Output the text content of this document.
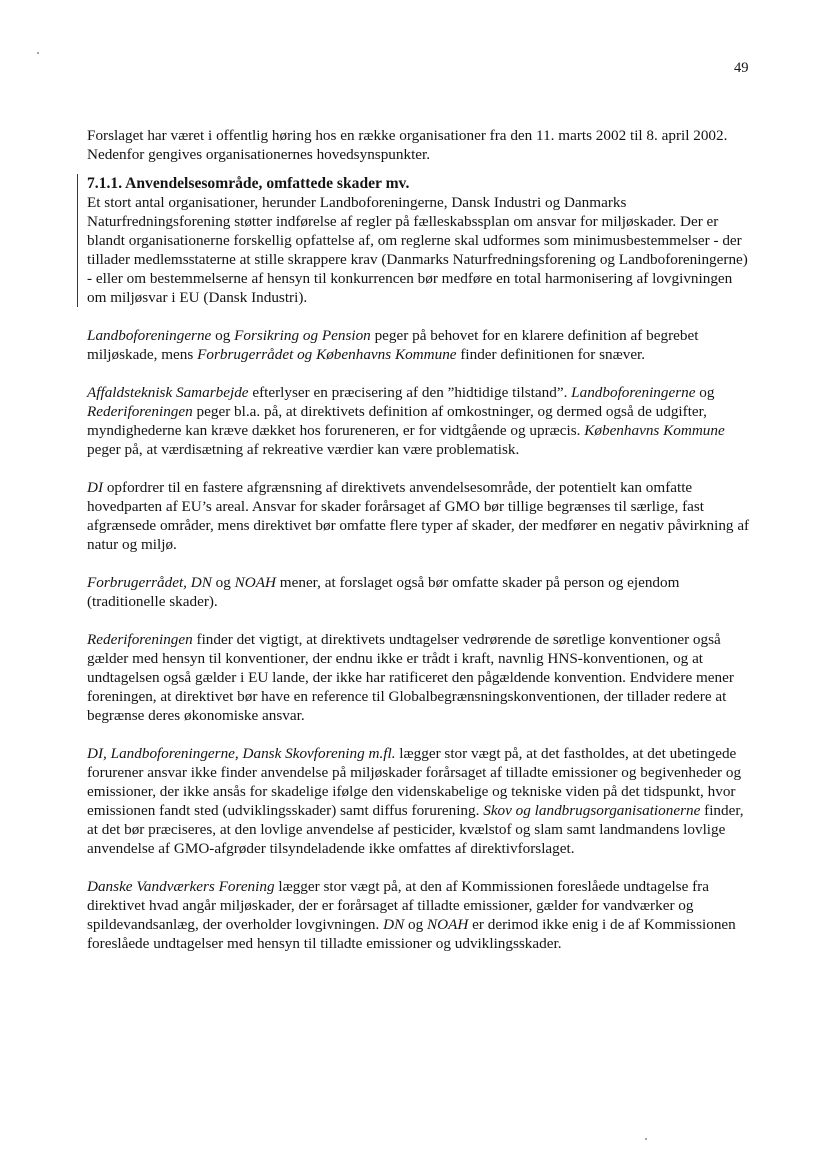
49

Forslaget har været i offentlig høring hos en række organisationer fra den 11. marts 2002 til 8. april 2002. Nedenfor gengives organisationernes hovedsynspunkter.

7.1.1. Anvendelsesområde, omfattede skader mv.

Et stort antal organisationer, herunder Landboforeningerne, Dansk Industri og Danmarks Naturfredningsforening støtter indførelse af regler på fælleskabssplan om ansvar for miljøskader. Der er blandt organisationerne forskellig opfattelse af, om reglerne skal udformes som minimusbestemmelser - der tillader medlemsstaterne at stille skrappere krav (Danmarks Naturfredningsforening og Landboforeningerne) - eller om bestemmelserne af hensyn til konkurrencen bør medføre en total harmonisering af lovgivningen om miljøsvar i EU (Dansk Industri).

Landboforeningerne og Forsikring og Pension peger på behovet for en klarere definition af begrebet miljøskade, mens Forbrugerrådet og Københavns Kommune finder definitionen for snæver.

Affaldsteknisk Samarbejde efterlyser en præcisering af den ”hidtidige tilstand”. Landboforeningerne og Rederiforeningen peger bl.a. på, at direktivets definition af omkostninger, og dermed også de udgifter, myndighederne kan kræve dækket hos forureneren, er for vidtgående og upræcis. Københavns Kommune peger på, at værdisætning af rekreative værdier kan være problematisk.

DI opfordrer til en fastere afgrænsning af direktivets anvendelsesområde, der potentielt kan omfatte hovedparten af EU’s areal. Ansvar for skader forårsaget af GMO bør tillige begrænses til særlige, fast afgrænsede områder, mens direktivet bør omfatte flere typer af skader, der medfører en negativ påvirkning af natur og miljø.

Forbrugerrådet, DN og NOAH mener, at forslaget også bør omfatte skader på person og ejendom (traditionelle skader).

Rederiforeningen finder det vigtigt, at direktivets undtagelser vedrørende de søretlige konventioner også gælder med hensyn til konventioner, der endnu ikke er trådt i kraft, navnlig HNS-konventionen, og at undtagelsen også gælder i EU lande, der ikke har ratificeret den pågældende konvention. Endvidere mener foreningen, at direktivet bør have en reference til Globalbegrænsningskonventionen, der tillader redere at begrænse deres økonomiske ansvar.

DI, Landboforeningerne, Dansk Skovforening m.fl. lægger stor vægt på, at det fastholdes, at det ubetingede forurener ansvar ikke finder anvendelse på miljøskader forårsaget af tilladte emissioner og begivenheder og emissioner, der ikke ansås for skadelige ifølge den videnskabelige og tekniske viden på det tidspunkt, hvor emissionen fandt sted (udviklingsskader) samt diffus forurening. Skov og landbrugsorganisationerne finder, at det bør præciseres, at den lovlige anvendelse af pesticider, kvælstof og slam samt landmandens lovlige anvendelse af GMO-afgrøder tilsyndeladende ikke omfattes af direktivforslaget.

Danske Vandværkers Forening lægger stor vægt på, at den af Kommissionen foreslåede undtagelse fra direktivet hvad angår miljøskader, der er forårsaget af tilladte emissioner, gælder for vandværker og spildevandsanlæg, der overholder lovgivningen. DN og NOAH er derimod ikke enig i de af Kommissionen foreslåede undtagelser med hensyn til tilladte emissioner og udviklingsskader.
